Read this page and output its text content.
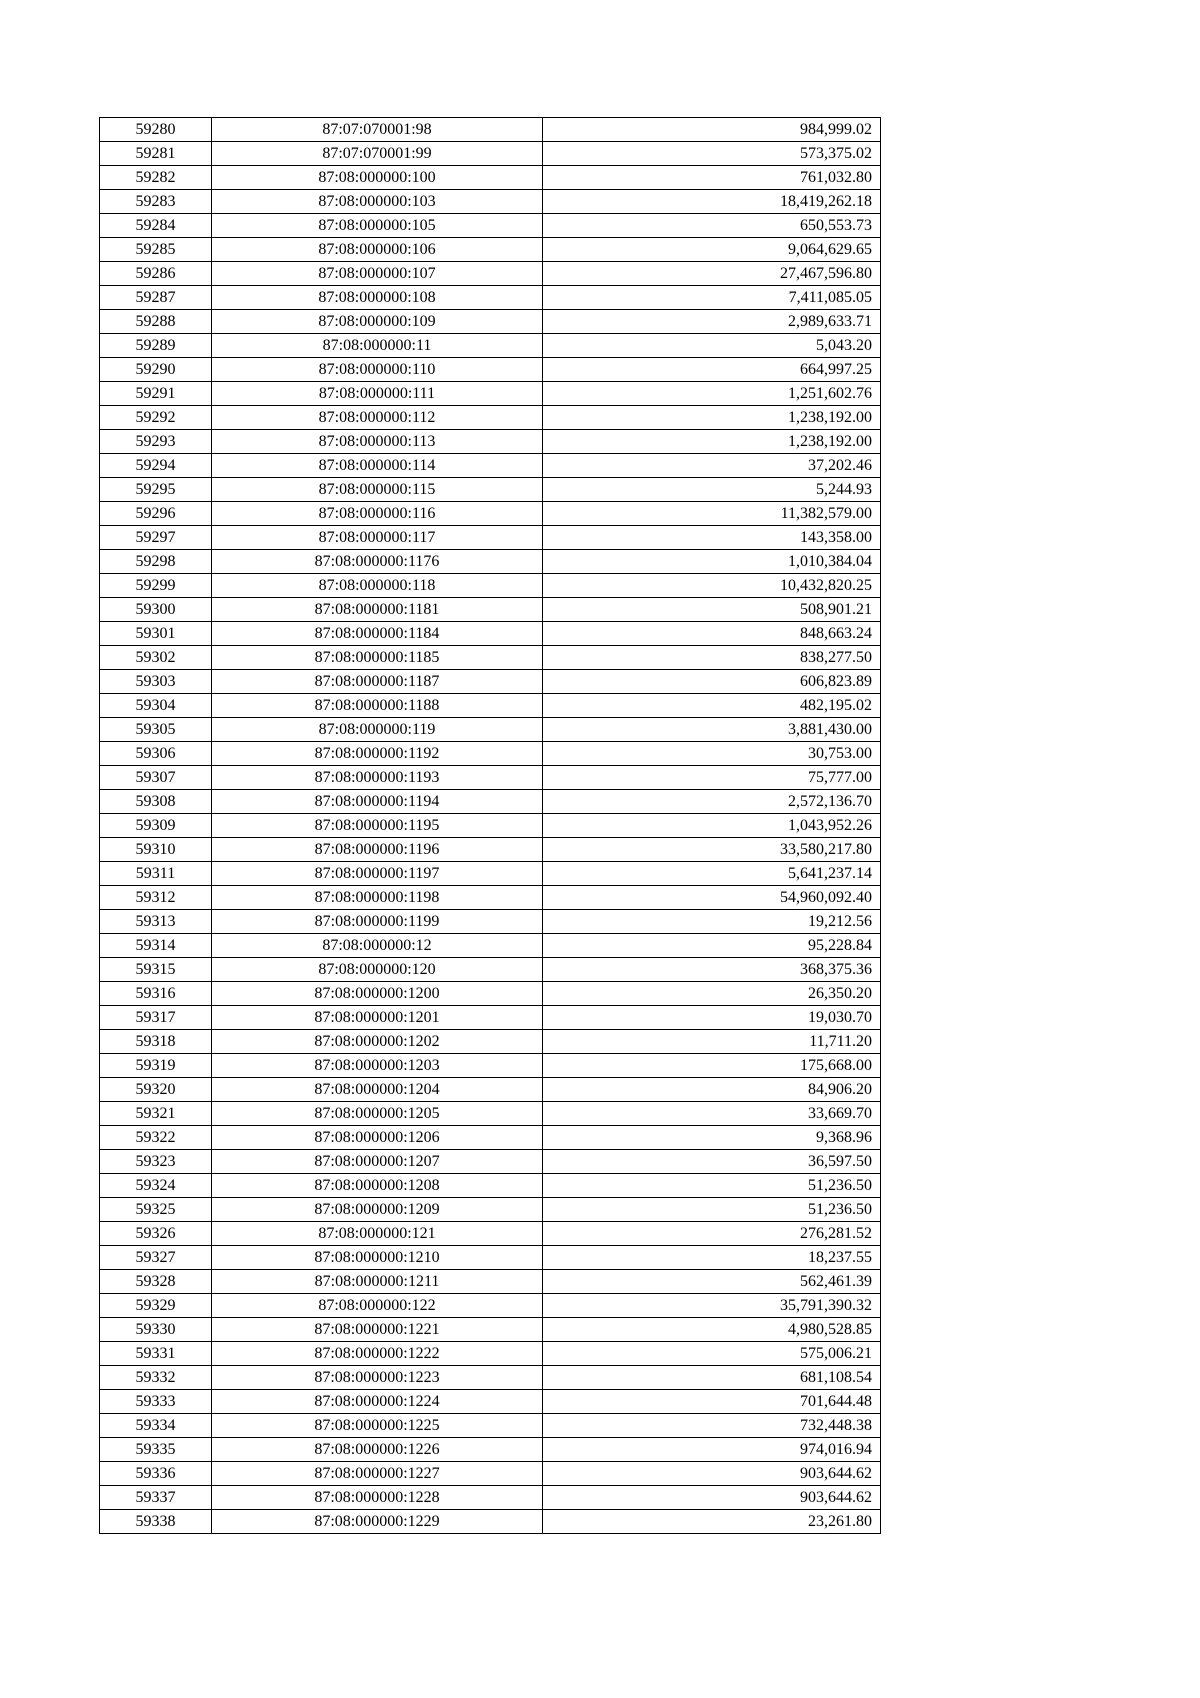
59280	87:07:070001:98	984,999.02
59281	87:07:070001:99	573,375.02
59282	87:08:000000:100	761,032.80
59283	87:08:000000:103	18,419,262.18
59284	87:08:000000:105	650,553.73
59285	87:08:000000:106	9,064,629.65
59286	87:08:000000:107	27,467,596.80
59287	87:08:000000:108	7,411,085.05
59288	87:08:000000:109	2,989,633.71
59289	87:08:000000:11	5,043.20
59290	87:08:000000:110	664,997.25
59291	87:08:000000:111	1,251,602.76
59292	87:08:000000:112	1,238,192.00
59293	87:08:000000:113	1,238,192.00
59294	87:08:000000:114	37,202.46
59295	87:08:000000:115	5,244.93
59296	87:08:000000:116	11,382,579.00
59297	87:08:000000:117	143,358.00
59298	87:08:000000:1176	1,010,384.04
59299	87:08:000000:118	10,432,820.25
59300	87:08:000000:1181	508,901.21
59301	87:08:000000:1184	848,663.24
59302	87:08:000000:1185	838,277.50
59303	87:08:000000:1187	606,823.89
59304	87:08:000000:1188	482,195.02
59305	87:08:000000:119	3,881,430.00
59306	87:08:000000:1192	30,753.00
59307	87:08:000000:1193	75,777.00
59308	87:08:000000:1194	2,572,136.70
59309	87:08:000000:1195	1,043,952.26
59310	87:08:000000:1196	33,580,217.80
59311	87:08:000000:1197	5,641,237.14
59312	87:08:000000:1198	54,960,092.40
59313	87:08:000000:1199	19,212.56
59314	87:08:000000:12	95,228.84
59315	87:08:000000:120	368,375.36
59316	87:08:000000:1200	26,350.20
59317	87:08:000000:1201	19,030.70
59318	87:08:000000:1202	11,711.20
59319	87:08:000000:1203	175,668.00
59320	87:08:000000:1204	84,906.20
59321	87:08:000000:1205	33,669.70
59322	87:08:000000:1206	9,368.96
59323	87:08:000000:1207	36,597.50
59324	87:08:000000:1208	51,236.50
59325	87:08:000000:1209	51,236.50
59326	87:08:000000:121	276,281.52
59327	87:08:000000:1210	18,237.55
59328	87:08:000000:1211	562,461.39
59329	87:08:000000:122	35,791,390.32
59330	87:08:000000:1221	4,980,528.85
59331	87:08:000000:1222	575,006.21
59332	87:08:000000:1223	681,108.54
59333	87:08:000000:1224	701,644.48
59334	87:08:000000:1225	732,448.38
59335	87:08:000000:1226	974,016.94
59336	87:08:000000:1227	903,644.62
59337	87:08:000000:1228	903,644.62
59338	87:08:000000:1229	23,261.80
